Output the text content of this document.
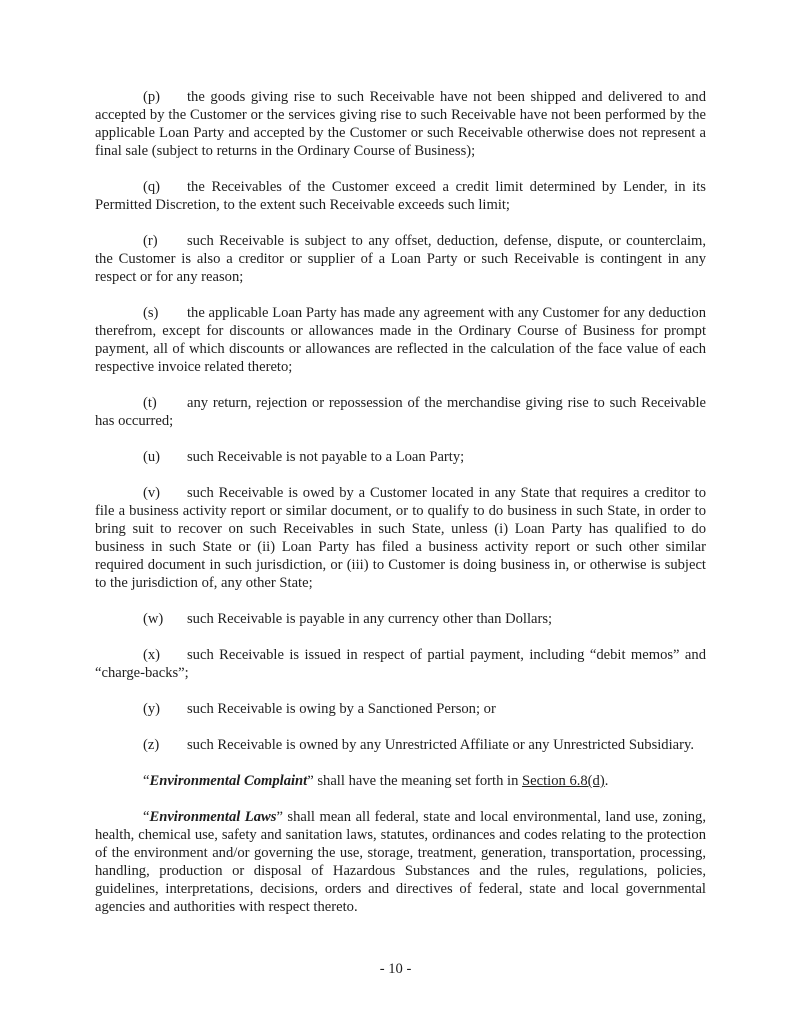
(p) the goods giving rise to such Receivable have not been shipped and delivered to and accepted by the Customer or the services giving rise to such Receivable have not been performed by the applicable Loan Party and accepted by the Customer or such Receivable otherwise does not represent a final sale (subject to returns in the Ordinary Course of Business);

(q) the Receivables of the Customer exceed a credit limit determined by Lender, in its Permitted Discretion, to the extent such Receivable exceeds such limit;

(r) such Receivable is subject to any offset, deduction, defense, dispute, or counterclaim, the Customer is also a creditor or supplier of a Loan Party or such Receivable is contingent in any respect or for any reason;

(s) the applicable Loan Party has made any agreement with any Customer for any deduction therefrom, except for discounts or allowances made in the Ordinary Course of Business for prompt payment, all of which discounts or allowances are reflected in the calculation of the face value of each respective invoice related thereto;

(t) any return, rejection or repossession of the merchandise giving rise to such Receivable has occurred;

(u) such Receivable is not payable to a Loan Party;

(v) such Receivable is owed by a Customer located in any State that requires a creditor to file a business activity report or similar document, or to qualify to do business in such State, in order to bring suit to recover on such Receivables in such State, unless (i) Loan Party has qualified to do business in such State or (ii) Loan Party has filed a business activity report or such other similar required document in such jurisdiction, or (iii) to Customer is doing business in, or otherwise is subject to the jurisdiction of, any other State;

(w) such Receivable is payable in any currency other than Dollars;

(x) such Receivable is issued in respect of partial payment, including “debit memos” and “charge-backs”;

(y) such Receivable is owing by a Sanctioned Person; or

(z) such Receivable is owned by any Unrestricted Affiliate or any Unrestricted Subsidiary.

“Environmental Complaint” shall have the meaning set forth in Section 6.8(d).

“Environmental Laws” shall mean all federal, state and local environmental, land use, zoning, health, chemical use, safety and sanitation laws, statutes, ordinances and codes relating to the protection of the environment and/or governing the use, storage, treatment, generation, transportation, processing, handling, production or disposal of Hazardous Substances and the rules, regulations, policies, guidelines, interpretations, decisions, orders and directives of federal, state and local governmental agencies and authorities with respect thereto.

- 10 -
